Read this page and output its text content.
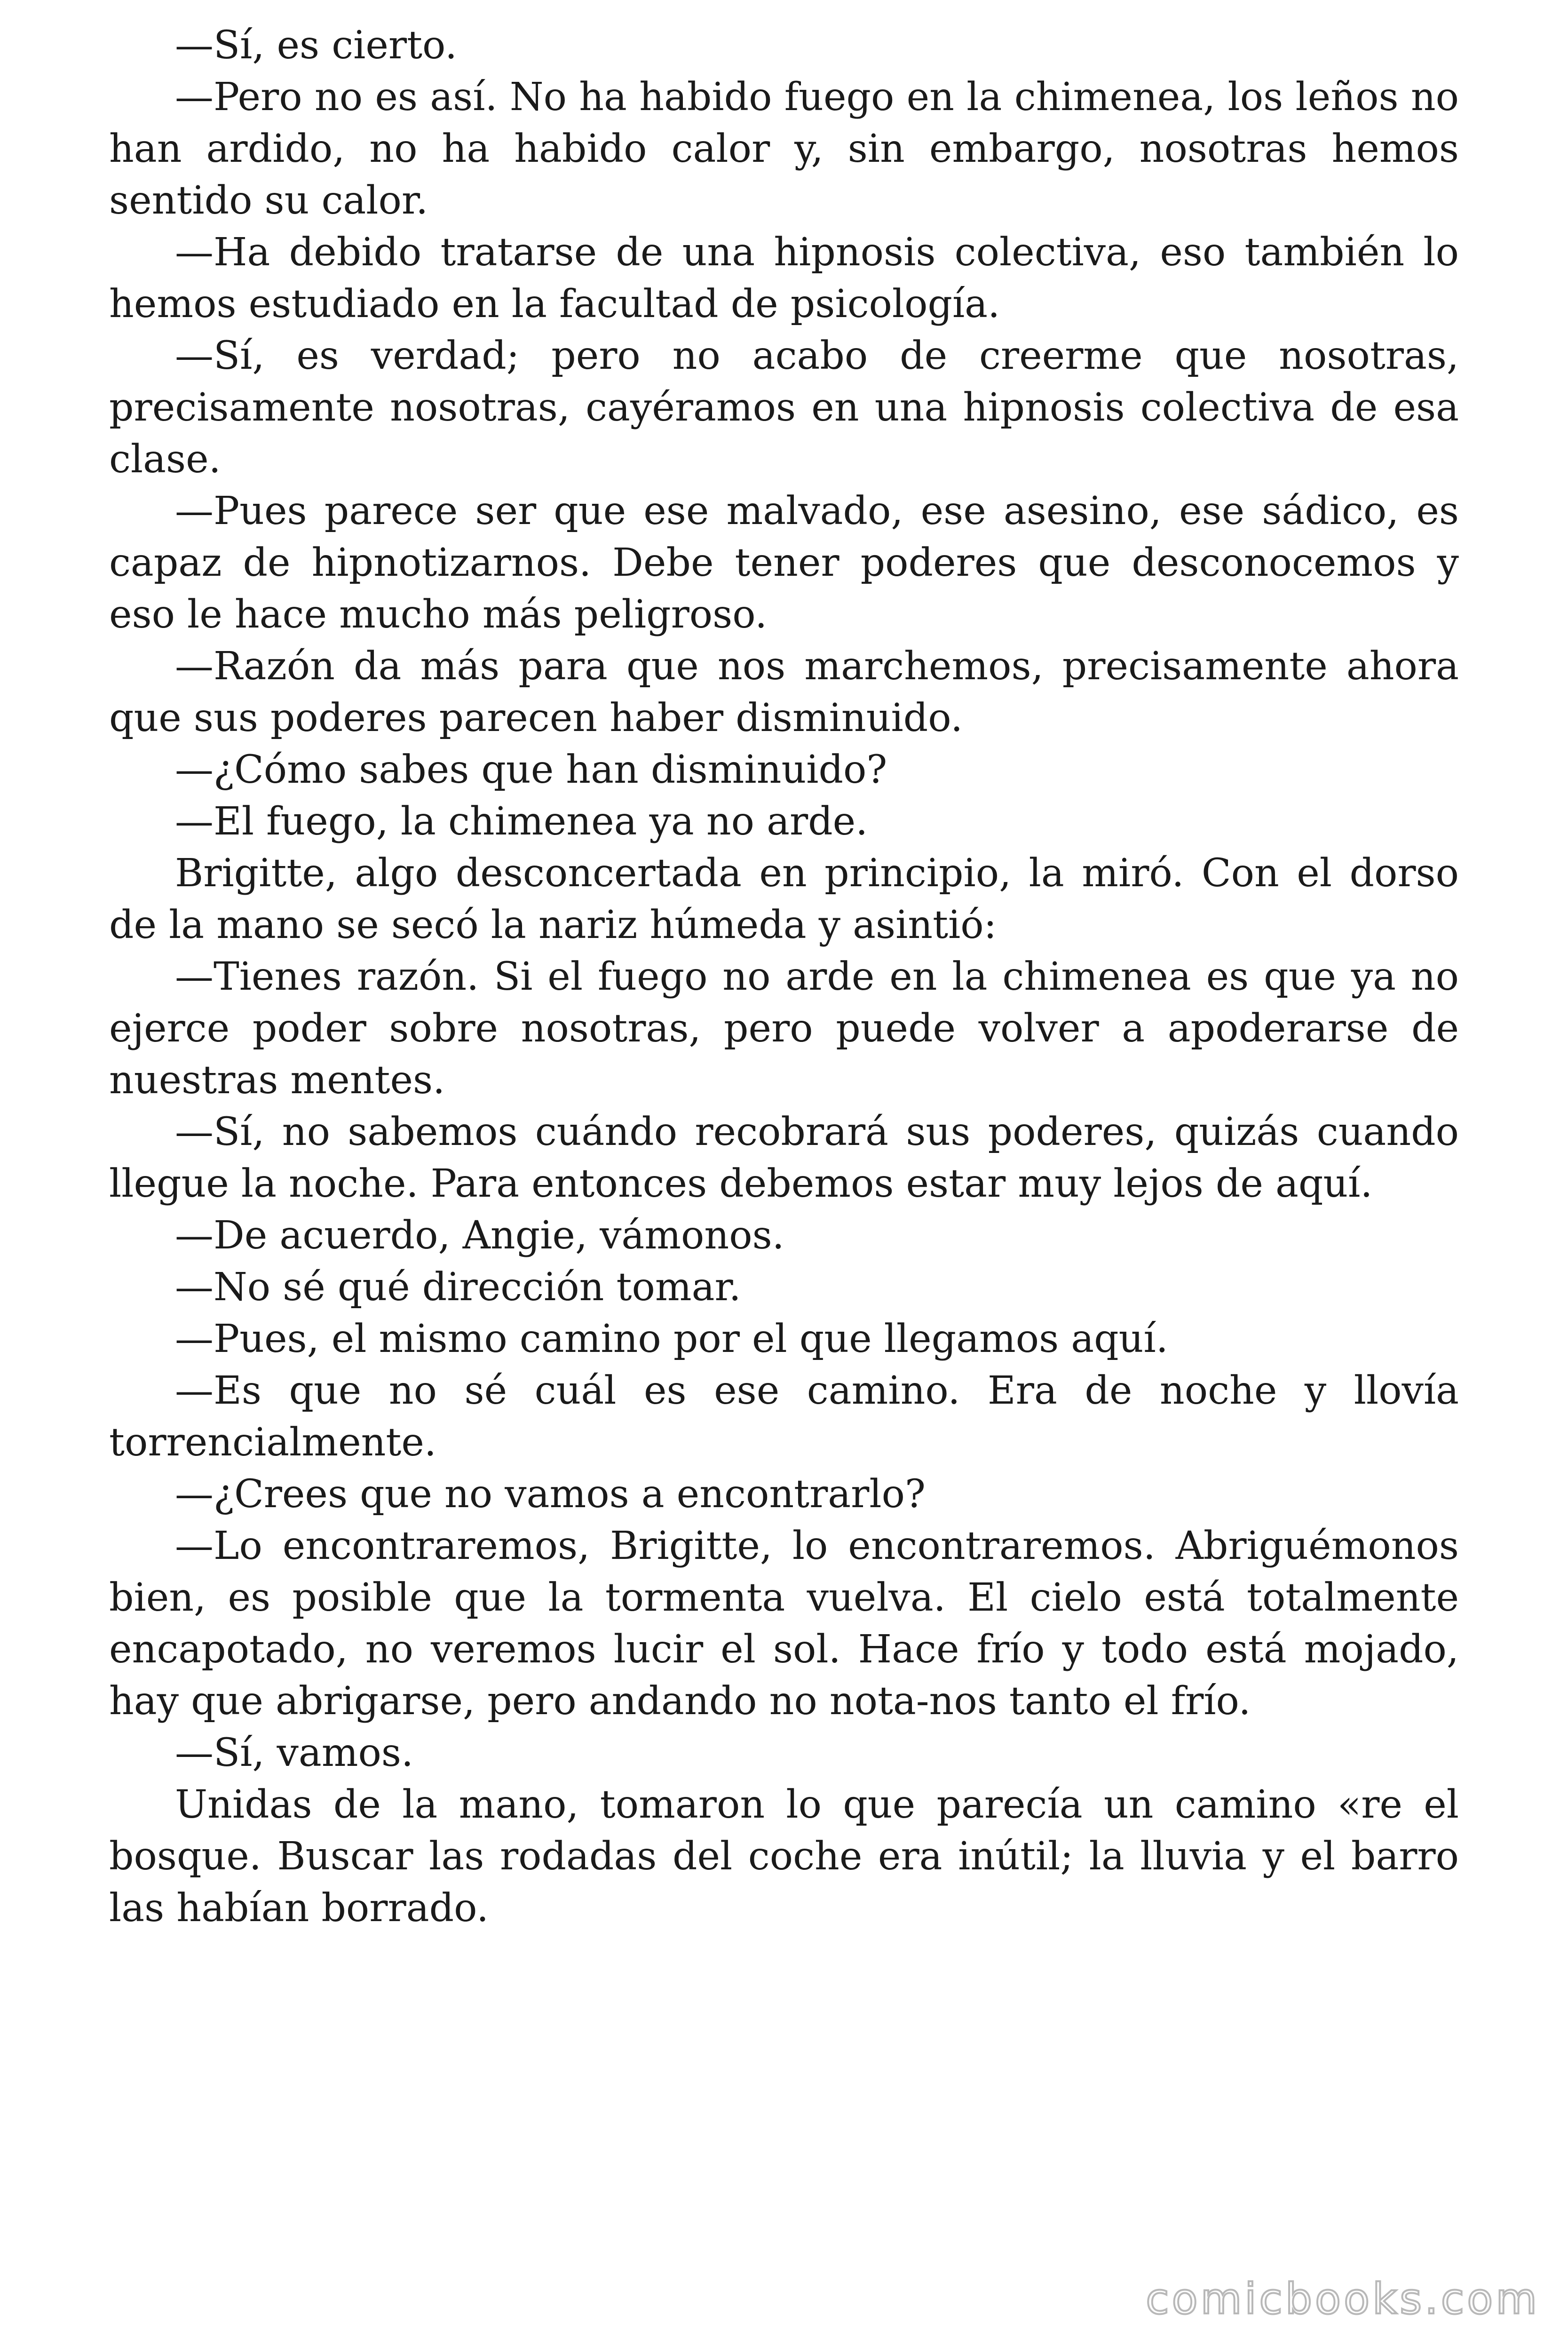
—Sí, es cierto.

—Pero no es así. No ha habido fuego en la chimenea, los leños no han ardido, no ha habido calor y, sin embargo, nosotras hemos sentido su calor.

—Ha debido tratarse de una hipnosis colectiva, eso también lo hemos estudiado en la facultad de psicología.

—Sí, es verdad; pero no acabo de creerme que nosotras, precisamente nosotras, cayéramos en una hipnosis colectiva de esa clase.

—Pues parece ser que ese malvado, ese asesino, ese sádico, es capaz de hipnotizarnos. Debe tener poderes que desconocemos y eso le hace mucho más peligroso.

—Razón da más para que nos marchemos, precisamente ahora que sus poderes parecen haber disminuido.

—¿Cómo sabes que han disminuido?

—El fuego, la chimenea ya no arde.

Brigitte, algo desconcertada en principio, la miró. Con el dorso de la mano se secó la nariz húmeda y asintió:

—Tienes razón. Si el fuego no arde en la chimenea es que ya no ejerce poder sobre nosotras, pero puede volver a apoderarse de nuestras mentes.

—Sí, no sabemos cuándo recobrará sus poderes, quizás cuando llegue la noche. Para entonces debemos estar muy lejos de aquí.

—De acuerdo, Angie, vámonos.

—No sé qué dirección tomar.

—Pues, el mismo camino por el que llegamos aquí.

—Es que no sé cuál es ese camino. Era de noche y llovía torrencialmente.

—¿Crees que no vamos a encontrarlo?

—Lo encontraremos, Brigitte, lo encontraremos. Abriguémonos bien, es posible que la tormenta vuelva. El cielo está totalmente encapotado, no veremos lucir el sol. Hace frío y todo está mojado, hay que abrigarse, pero andando no nota-nos tanto el frío.

—Sí, vamos.

Unidas de la mano, tomaron lo que parecía un camino «re el bosque. Buscar las rodadas del coche era inútil; la lluvia y el barro las habían borrado.

comicbooks.com
